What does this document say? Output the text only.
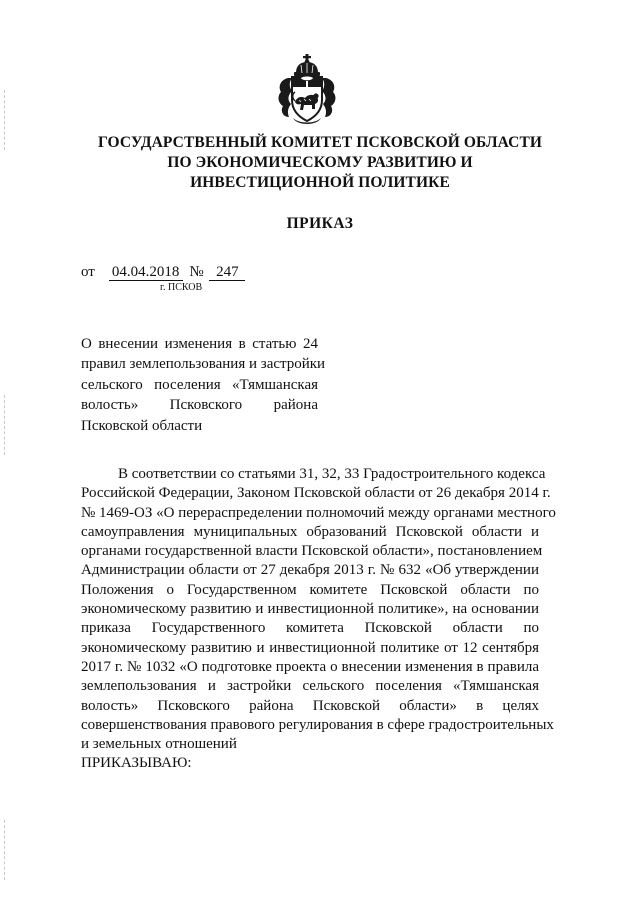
ГОСУДАРСТВЕННЫЙ КОМИТЕТ ПСКОВСКОЙ ОБЛАСТИ
ПО ЭКОНОМИЧЕСКОМУ РАЗВИТИЮ И
ИНВЕСТИЦИОННОЙ ПОЛИТИКЕ
ПРИКАЗ
от 04.04.2018 № 247
г. ПСКОВ
О внесении изменения в статью 24
правил землепользования и застройки
сельского поселения «Тямшанская
волость» Псковского района
Псковской области
В соответствии со статьями 31, 32, 33 Градостроительного кодекса
Российской Федерации, Законом Псковской области от 26 декабря 2014 г.
№ 1469-ОЗ «О перераспределении полномочий между органами местного
самоуправления муниципальных образований Псковской области и
органами государственной власти Псковской области», постановлением
Администрации области от 27 декабря 2013 г. № 632 «Об утверждении
Положения о Государственном комитете Псковской области по
экономическому развитию и инвестиционной политике», на основании
приказа Государственного комитета Псковской области по
экономическому развитию и инвестиционной политике от 12 сентября
2017 г. № 1032 «О подготовке проекта о внесении изменения в правила
землепользования и застройки сельского поселения «Тямшанская
волость» Псковского района Псковской области» в целях
совершенствования правового регулирования в сфере градостроительных
и земельных отношений
ПРИКАЗЫВАЮ:
